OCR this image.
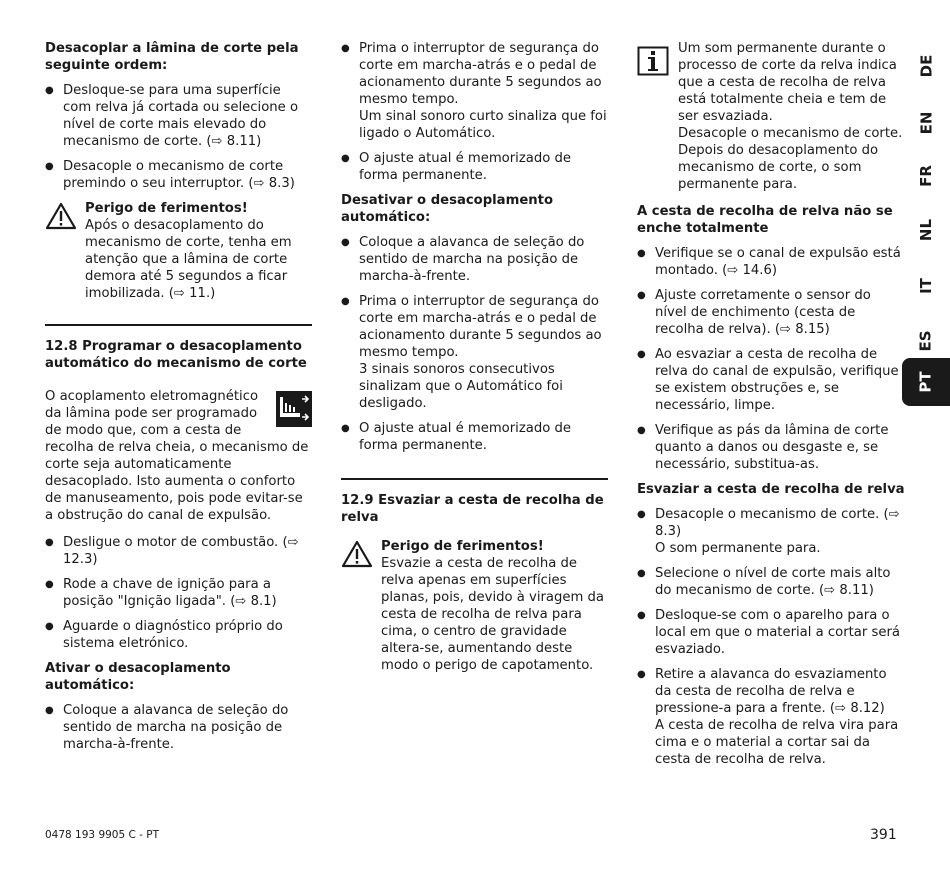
Desacoplar a lâmina de corte pela seguinte ordem:
● Desloque-se para uma superfície com relva já cortada ou selecione o nível de corte mais elevado do mecanismo de corte. (⇨ 8.11)
● Desacople o mecanismo de corte premindo o seu interruptor. (⇨ 8.3)
Perigo de ferimentos!
Após o desacoplamento do mecanismo de corte, tenha em atenção que a lâmina de corte demora até 5 segundos a ficar imobilizada. (⇨ 11.)
12.8 Programar o desacoplamento automático do mecanismo de corte
O acoplamento eletromagnético da lâmina pode ser programado de modo que, com a cesta de recolha de relva cheia, o mecanismo de corte seja automaticamente desacoplado. Isto aumenta o conforto de manuseamento, pois pode evitar-se a obstrução do canal de expulsão.
● Desligue o motor de combustão. (⇨ 12.3)
● Rode a chave de ignição para a posição "Ignição ligada". (⇨ 8.1)
● Aguarde o diagnóstico próprio do sistema eletrónico.
Ativar o desacoplamento automático:
● Coloque a alavanca de seleção do sentido de marcha na posição de marcha-à-frente.
● Prima o interruptor de segurança do corte em marcha-atrás e o pedal de acionamento durante 5 segundos ao mesmo tempo.
Um sinal sonoro curto sinaliza que foi ligado o Automático.
● O ajuste atual é memorizado de forma permanente.
Desativar o desacoplamento automático:
● Coloque a alavanca de seleção do sentido de marcha na posição de marcha-à-frente.
● Prima o interruptor de segurança do corte em marcha-atrás e o pedal de acionamento durante 5 segundos ao mesmo tempo.
3 sinais sonoros consecutivos sinalizam que o Automático foi desligado.
● O ajuste atual é memorizado de forma permanente.
12.9 Esvaziar a cesta de recolha de relva
Perigo de ferimentos!
Esvazie a cesta de recolha de relva apenas em superfícies planas, pois, devido à viragem da cesta de recolha de relva para cima, o centro de gravidade altera-se, aumentando deste modo o perigo de capotamento.
Um som permanente durante o processo de corte da relva indica que a cesta de recolha de relva está totalmente cheia e tem de ser esvaziada.
Desacople o mecanismo de corte. Depois do desacoplamento do mecanismo de corte, o som permanente para.
A cesta de recolha de relva não se enche totalmente
● Verifique se o canal de expulsão está montado. (⇨ 14.6)
● Ajuste corretamente o sensor do nível de enchimento (cesta de recolha de relva). (⇨ 8.15)
● Ao esvaziar a cesta de recolha de relva do canal de expulsão, verifique se existem obstruções e, se necessário, limpe.
● Verifique as pás da lâmina de corte quanto a danos ou desgaste e, se necessário, substitua-as.
Esvaziar a cesta de recolha de relva
● Desacople o mecanismo de corte. (⇨ 8.3)
O som permanente para.
● Selecione o nível de corte mais alto do mecanismo de corte. (⇨ 8.11)
● Desloque-se com o aparelho para o local em que o material a cortar será esvaziado.
● Retire a alavanca do esvaziamento da cesta de recolha de relva e pressione-a para a frente. (⇨ 8.12)
A cesta de recolha de relva vira para cima e o material a cortar sai da cesta de recolha de relva.
DE
EN
FR
NL
IT
ES
PT
0478 193 9905 C - PT	391
